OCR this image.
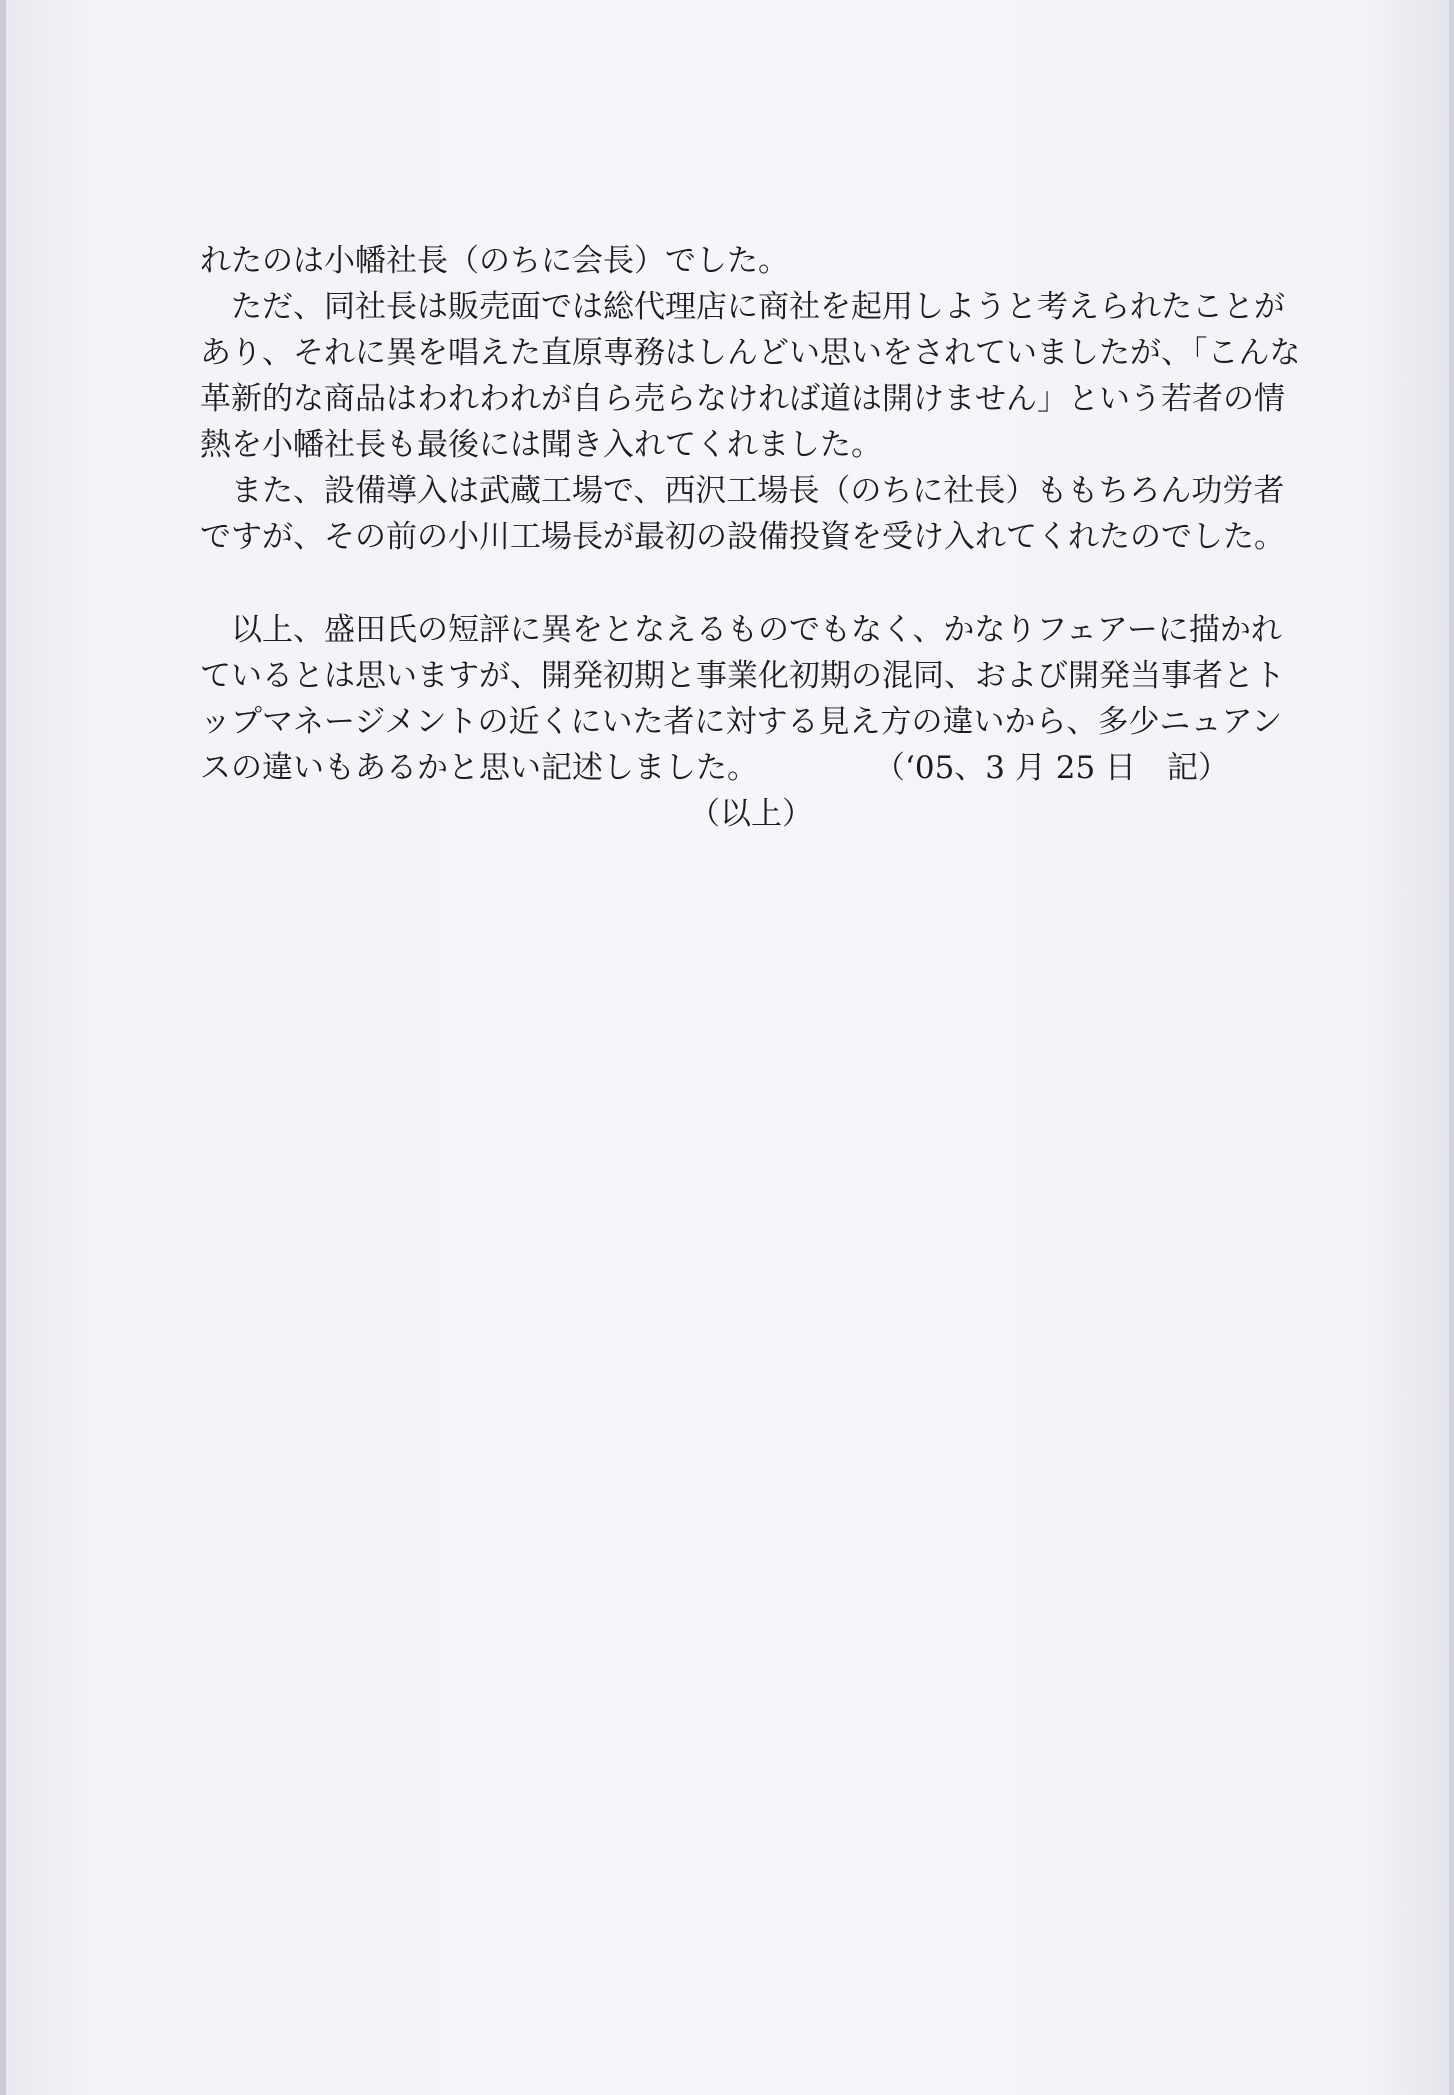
れたのは小幡社長（のちに会長）でした。
　ただ、同社長は販売面では総代理店に商社を起用しようと考えられたことが
あり、それに異を唱えた直原専務はしんどい思いをされていましたが、「こんな
革新的な商品はわれわれが自ら売らなければ道は開けません」という若者の情
熱を小幡社長も最後には聞き入れてくれました。
　また、設備導入は武蔵工場で、西沢工場長（のちに社長）ももちろん功労者
ですが、その前の小川工場長が最初の設備投資を受け入れてくれたのでした。
　以上、盛田氏の短評に異をとなえるものでもなく、かなりフェアーに描かれ
ているとは思いますが、開発初期と事業化初期の混同、および開発当事者とト
ップマネージメントの近くにいた者に対する見え方の違いから、多少ニュアン
スの違いもあるかと思い記述しました。	（‘05、3 月 25 日　記）
（以上）
